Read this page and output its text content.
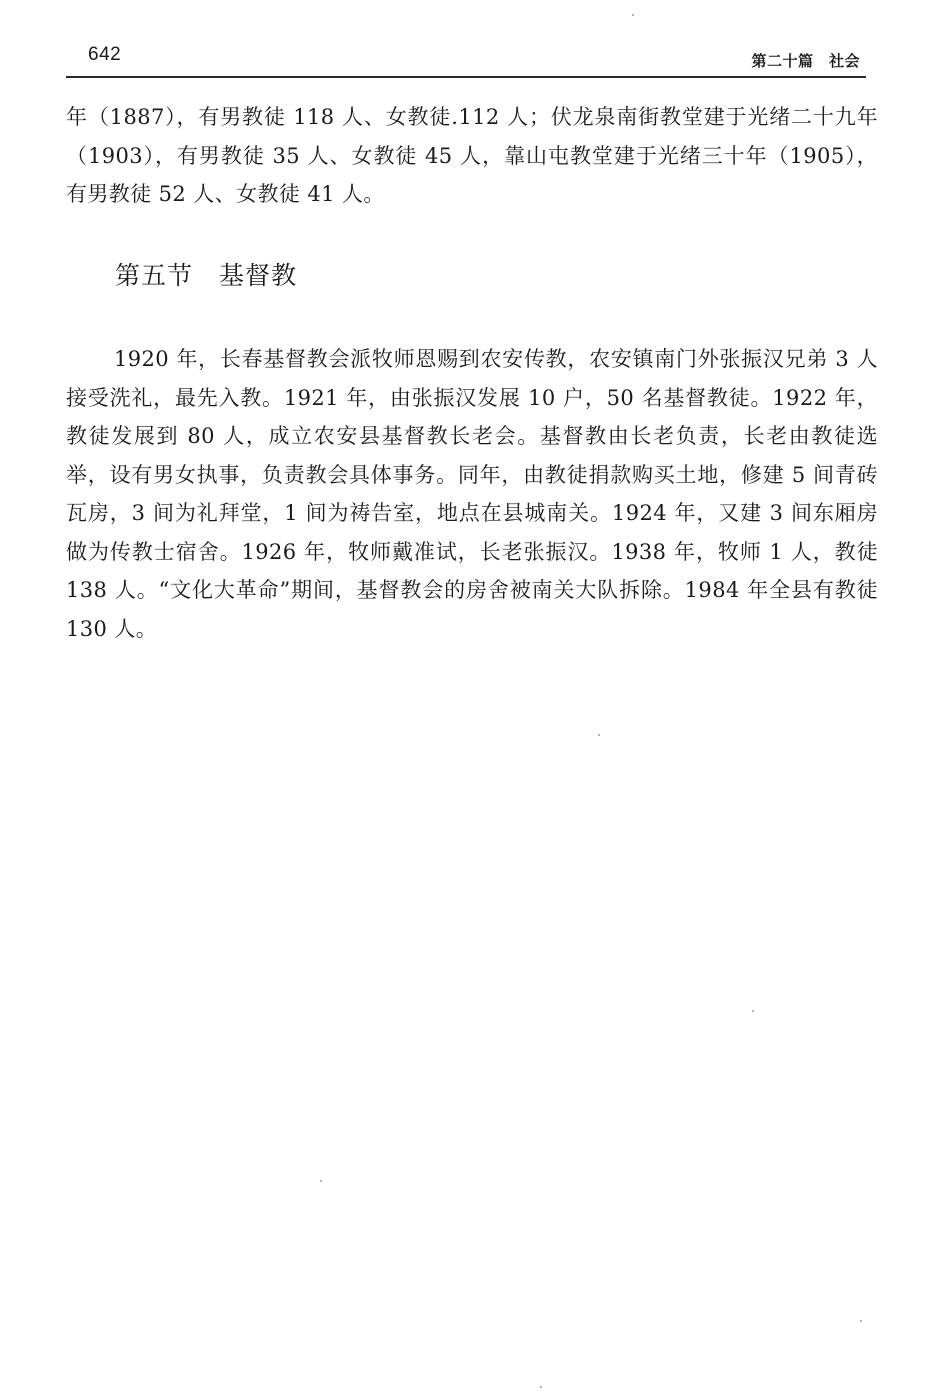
642	第二十篇　社会

年（1887），有男教徒 118 人、女教徒.112 人；伏龙泉南街教堂建于光绪二十九年（1903），有男教徒 35 人、女教徒 45 人，靠山屯教堂建于光绪三十年（1905），有男教徒 52 人、女教徒 41 人。

第五节　基督教

1920 年，长春基督教会派牧师恩赐到农安传教，农安镇南门外张振汉兄弟 3 人接受洗礼，最先入教。1921 年，由张振汉发展 10 户，50 名基督教徒。1922 年，教徒发展到 80 人，成立农安县基督教长老会。基督教由长老负责，长老由教徒选举，设有男女执事，负责教会具体事务。同年，由教徒捐款购买土地，修建 5 间青砖瓦房，3 间为礼拜堂，1 间为祷告室，地点在县城南关。1924 年，又建 3 间东厢房做为传教士宿舍。1926 年，牧师戴准试，长老张振汉。1938 年，牧师 1 人，教徒 138 人。“文化大革命”期间，基督教会的房舍被南关大队拆除。1984 年全县有教徒 130 人。
